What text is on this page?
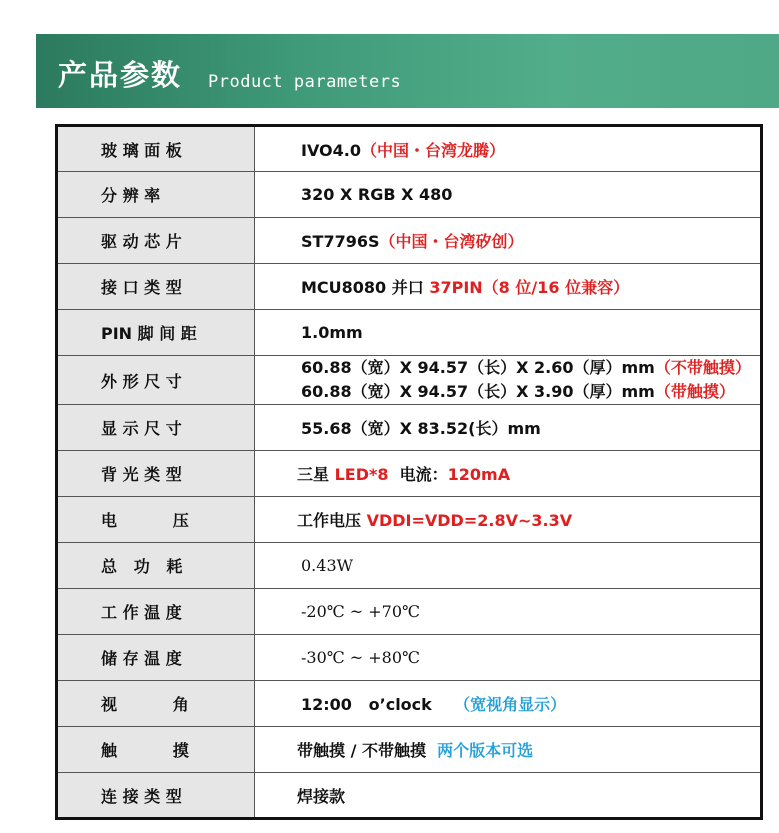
产品参数 Product parameters
玻 璃 面 板	IVO4.0（中国・台湾龙腾）
分 辨 率	320 X RGB X 480
驱 动 芯 片	ST7796S（中国・台湾矽创）
接 口 类 型	MCU8080 并口 37PIN（8 位/16 位兼容）
PIN 脚 间 距	1.0mm
外 形 尺 寸	60.88（宽）X 94.57（长）X 2.60（厚）mm（不带触摸）
60.88（宽）X 94.57（长）X 3.90（厚）mm（带触摸）

显 示 尺 寸	55.68（宽）X 83.52(长）mm
背 光 类 型	三星 LED*8  电流：120mA
电          压	工作电压 VDDI=VDD=2.8V~3.3V
总   功   耗	0.43W
工 作 温 度	-20℃ ~ +70℃
储 存 温 度	-30℃ ~ +80℃
视          角	12:00   o’clock    （宽视角显示）
触          摸	带触摸 / 不带触摸  两个版本可选
连 接 类 型	焊接款
